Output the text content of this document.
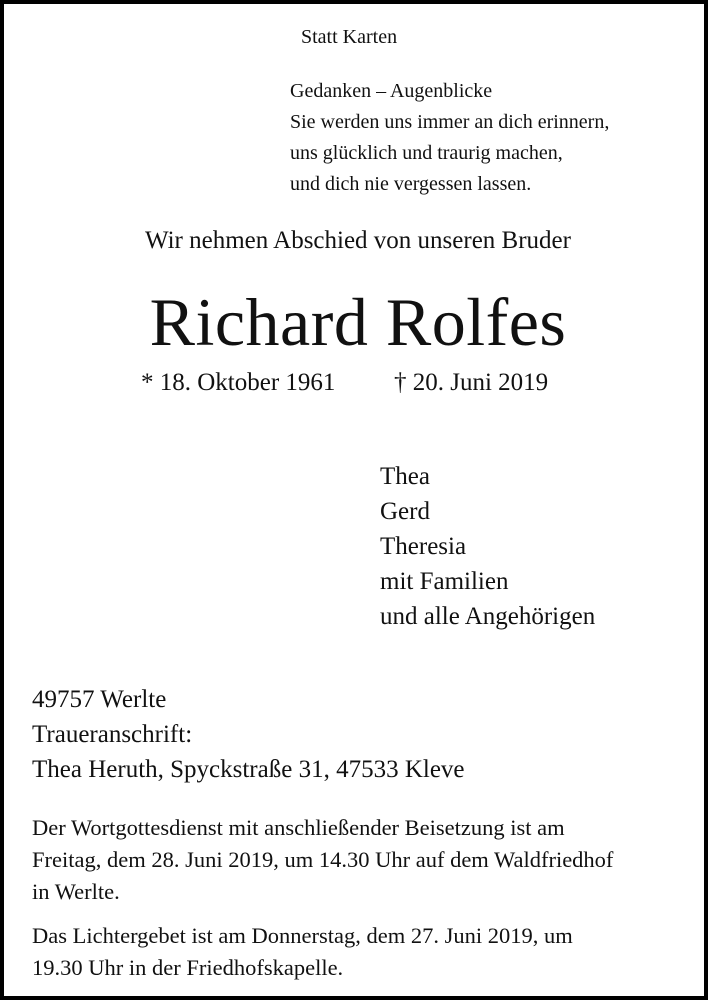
Statt Karten
Gedanken – Augenblicke
Sie werden uns immer an dich erinnern,
uns glücklich und traurig machen,
und dich nie vergessen lassen.
Wir nehmen Abschied von unseren Bruder
Richard Rolfes
* 18. Oktober 1961 † 20. Juni 2019
Thea
Gerd
Theresia
mit Familien
und alle Angehörigen
49757 Werlte
Traueranschrift:
Thea Heruth, Spyckstraße 31, 47533 Kleve
Der Wortgottesdienst mit anschließender Beisetzung ist am
Freitag, dem 28. Juni 2019, um 14.30 Uhr auf dem Waldfriedhof
in Werlte.
Das Lichtergebet ist am Donnerstag, dem 27. Juni 2019, um
19.30 Uhr in der Friedhofskapelle.
